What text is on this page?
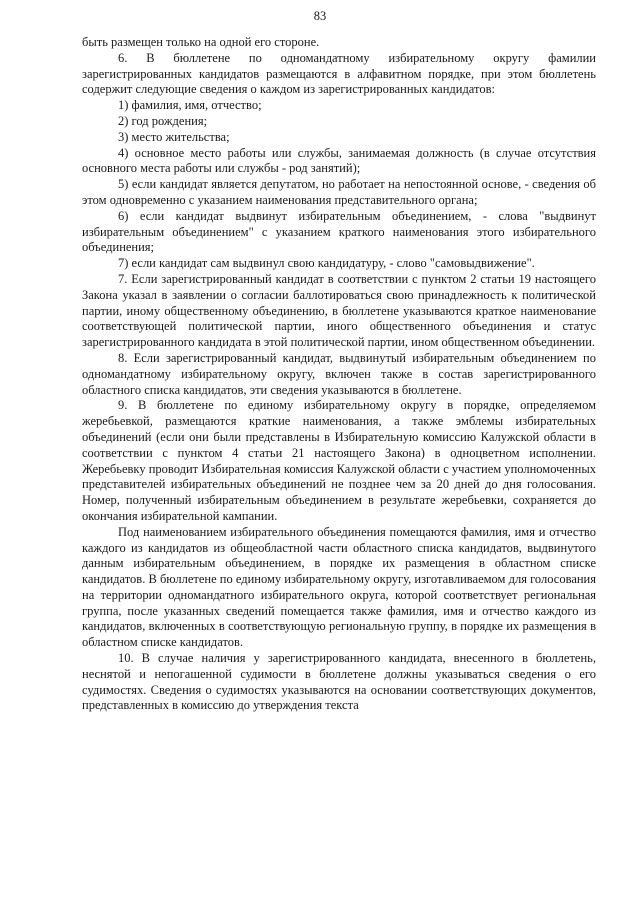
83

быть размещен только на одной его стороне.

6. В бюллетене по одномандатному избирательному округу фамилии зарегистрированных кандидатов размещаются в алфавитном порядке, при этом бюллетень содержит следующие сведения о каждом из зарегистрированных кандидатов:

1) фамилия, имя, отчество;

2) год рождения;

3) место жительства;

4) основное место работы или службы, занимаемая должность (в случае отсутствия основного места работы или службы - род занятий);

5) если кандидат является депутатом, но работает на непостоянной основе, - сведения об этом одновременно с указанием наименования представительного органа;

6) если кандидат выдвинут избирательным объединением, - слова "выдвинут избирательным объединением" с указанием краткого наименования этого избирательного объединения;

7) если кандидат сам выдвинул свою кандидатуру, - слово "самовыдвижение".

7. Если зарегистрированный кандидат в соответствии с пунктом 2 статьи 19 настоящего Закона указал в заявлении о согласии баллотироваться свою принадлежность к политической партии, иному общественному объединению, в бюллетене указываются краткое наименование соответствующей политической партии, иного общественного объединения и статус зарегистрированного кандидата в этой политической партии, ином общественном объединении.

8. Если зарегистрированный кандидат, выдвинутый избирательным объединением по одномандатному избирательному округу, включен также в состав зарегистрированного областного списка кандидатов, эти сведения указываются в бюллетене.

9. В бюллетене по единому избирательному округу в порядке, определяемом жеребьевкой, размещаются краткие наименования, а также эмблемы избирательных объединений (если они были представлены в Избирательную комиссию Калужской области в соответствии с пунктом 4 статьи 21 настоящего Закона) в одноцветном исполнении. Жеребьевку проводит Избирательная комиссия Калужской области с участием уполномоченных представителей избирательных объединений не позднее чем за 20 дней до дня голосования. Номер, полученный избирательным объединением в результате жеребьевки, сохраняется до окончания избирательной кампании.

Под наименованием избирательного объединения помещаются фамилия, имя и отчество каждого из кандидатов из общеобластной части областного списка кандидатов, выдвинутого данным избирательным объединением, в порядке их размещения в областном списке кандидатов. В бюллетене по единому избирательному округу, изготавливаемом для голосования на территории одномандатного избирательного округа, которой соответствует региональная группа, после указанных сведений помещается также фамилия, имя и отчество каждого из кандидатов, включенных в соответствующую региональную группу, в порядке их размещения в областном списке кандидатов.

10. В случае наличия у зарегистрированного кандидата, внесенного в бюллетень, неснятой и непогашенной судимости в бюллетене должны указываться сведения о его судимостях. Сведения о судимостях указываются на основании соответствующих документов, представленных в комиссию до утверждения текста
